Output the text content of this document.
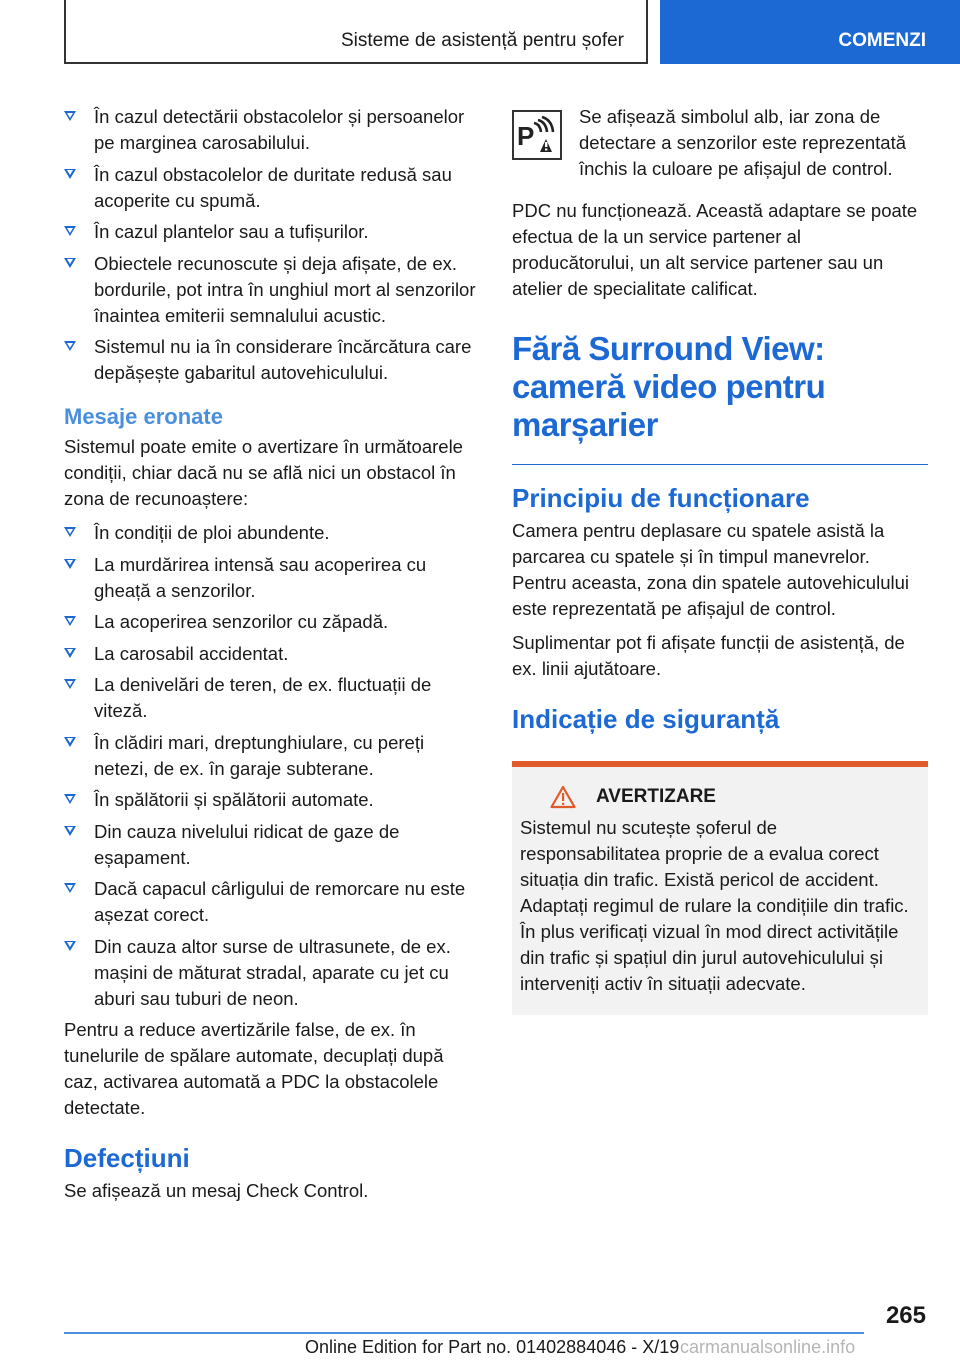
Sisteme de asistență pentru șofer	COMENZI
În cazul detectării obstacolelor și persoanelor pe marginea carosabilului.
În cazul obstacolelor de duritate redusă sau acoperite cu spumă.
În cazul plantelor sau a tufișurilor.
Obiectele recunoscute și deja afișate, de ex. bordurile, pot intra în unghiul mort al senzorilor înaintea emiterii semnalului acustic.
Sistemul nu ia în considerare încărcătura care depășește gabaritul autovehiculului.
Mesaje eronate

Sistemul poate emite o avertizare în următoarele condiții, chiar dacă nu se află nici un obstacol în zona de recunoaștere:

În condiții de ploi abundente.
La murdărirea intensă sau acoperirea cu gheață a senzorilor.
La acoperirea senzorilor cu zăpadă.
La carosabil accidentat.
La denivelări de teren, de ex. fluctuații de viteză.
În clădiri mari, dreptunghiulare, cu pereți netezi, de ex. în garaje subterane.
În spălătorii și spălătorii automate.
Din cauza nivelului ridicat de gaze de eșapament.
Dacă capacul cârligului de remorcare nu este așezat corect.
Din cauza altor surse de ultrasunete, de ex. mașini de măturat stradal, aparate cu jet cu aburi sau tuburi de neon.

Pentru a reduce avertizările false, de ex. în tunelurile de spălare automate, decuplați după caz, activarea automată a PDC la obstacolele detectate.

Defecțiuni

Se afișează un mesaj Check Control.

P
Se afișează simbolul alb, iar zona de detectare a senzorilor este reprezentată închis la culoare pe afișajul de control.

PDC nu funcționează. Această adaptare se poate efectua de la un service partener al producătorului, un alt service partener sau un atelier de specialitate calificat.

Fără Surround View: cameră video pentru marșarier
Principiu de funcționare

Camera pentru deplasare cu spatele asistă la parcarea cu spatele și în timpul manevrelor. Pentru aceasta, zona din spatele autovehiculului este reprezentată pe afișajul de control.

Suplimentar pot fi afișate funcții de asistență, de ex. linii ajutătoare.

Indicație de siguranță
AVERTIZARE

Sistemul nu scutește șoferul de responsabilitatea proprie de a evalua corect situația din trafic. Există pericol de accident. Adaptați regimul de rulare la condițiile din trafic. În plus verificați vizual în mod direct activitățile din trafic și spațiul din jurul autovehiculului și interveniți activ în situații adecvate.

265
Online Edition for Part no. 01402884046 - X/19 carmanualsonline.info
